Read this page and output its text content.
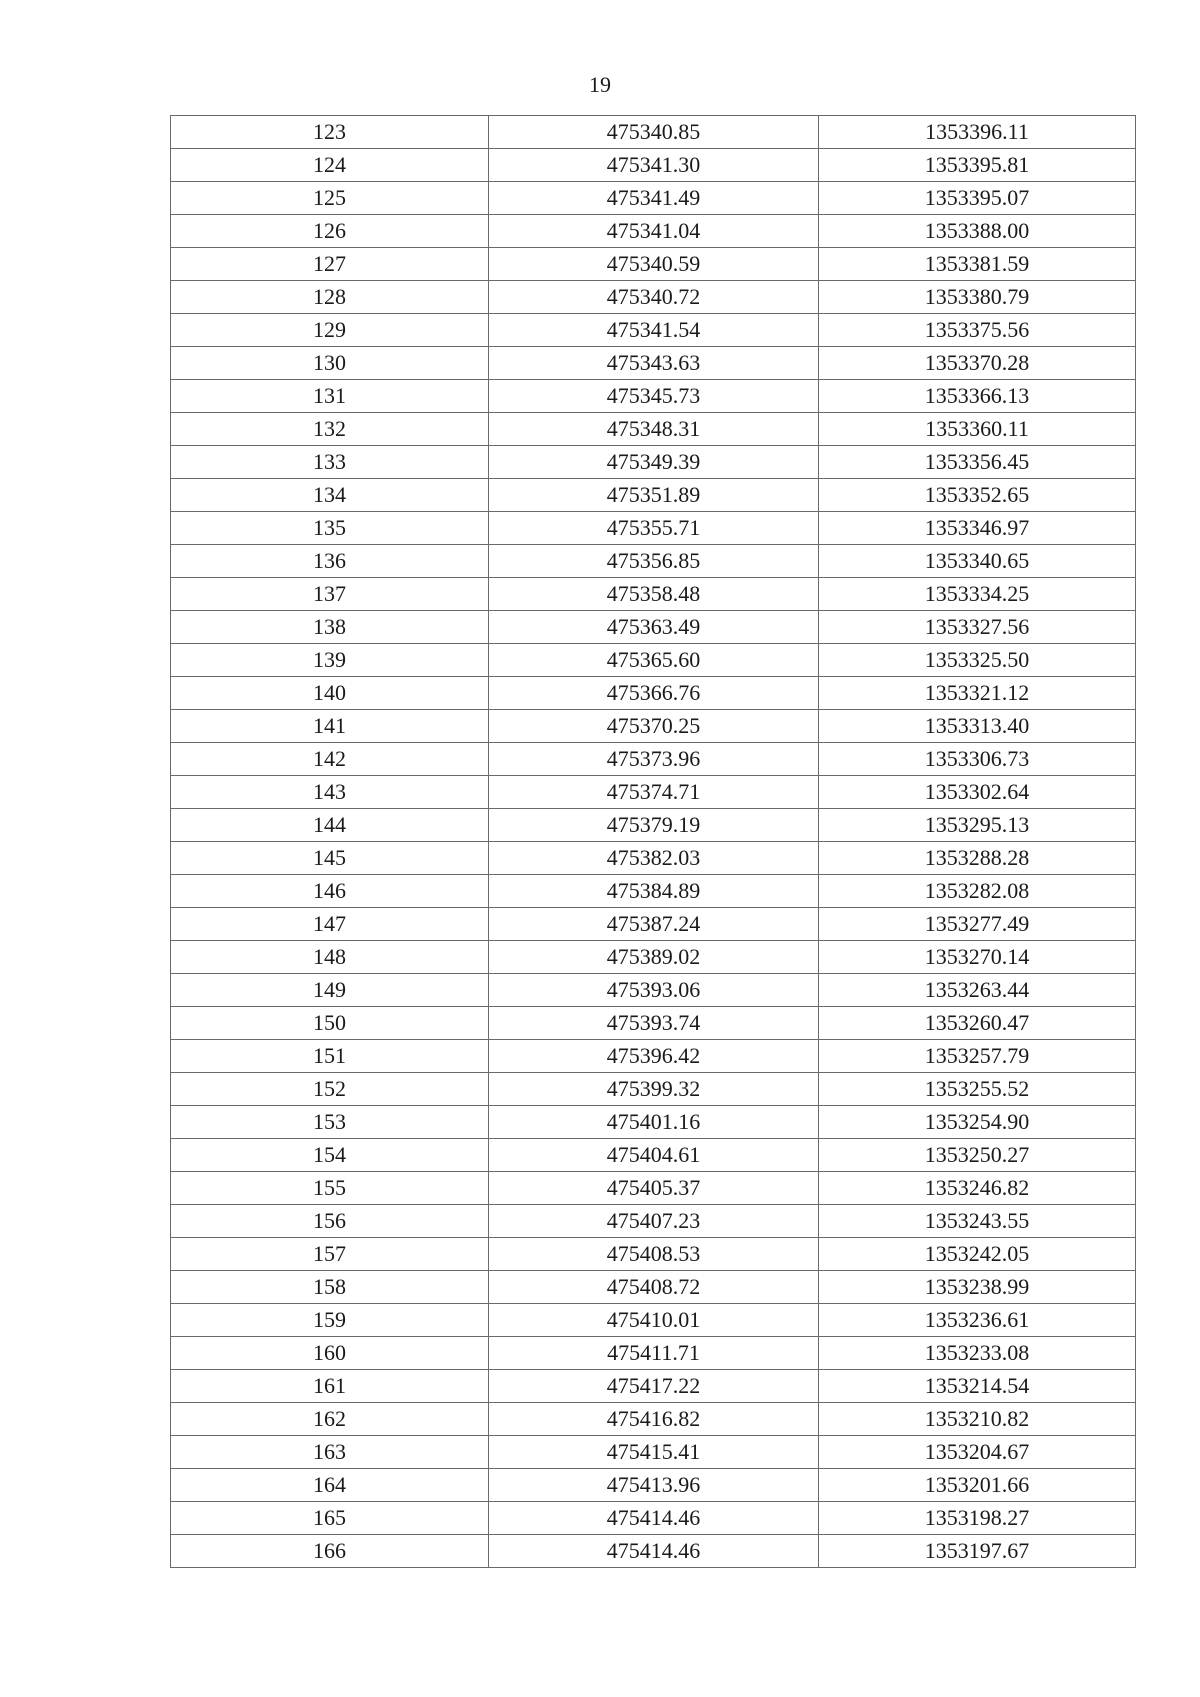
19
123	475340.85	1353396.11
124	475341.30	1353395.81
125	475341.49	1353395.07
126	475341.04	1353388.00
127	475340.59	1353381.59
128	475340.72	1353380.79
129	475341.54	1353375.56
130	475343.63	1353370.28
131	475345.73	1353366.13
132	475348.31	1353360.11
133	475349.39	1353356.45
134	475351.89	1353352.65
135	475355.71	1353346.97
136	475356.85	1353340.65
137	475358.48	1353334.25
138	475363.49	1353327.56
139	475365.60	1353325.50
140	475366.76	1353321.12
141	475370.25	1353313.40
142	475373.96	1353306.73
143	475374.71	1353302.64
144	475379.19	1353295.13
145	475382.03	1353288.28
146	475384.89	1353282.08
147	475387.24	1353277.49
148	475389.02	1353270.14
149	475393.06	1353263.44
150	475393.74	1353260.47
151	475396.42	1353257.79
152	475399.32	1353255.52
153	475401.16	1353254.90
154	475404.61	1353250.27
155	475405.37	1353246.82
156	475407.23	1353243.55
157	475408.53	1353242.05
158	475408.72	1353238.99
159	475410.01	1353236.61
160	475411.71	1353233.08
161	475417.22	1353214.54
162	475416.82	1353210.82
163	475415.41	1353204.67
164	475413.96	1353201.66
165	475414.46	1353198.27
166	475414.46	1353197.67
